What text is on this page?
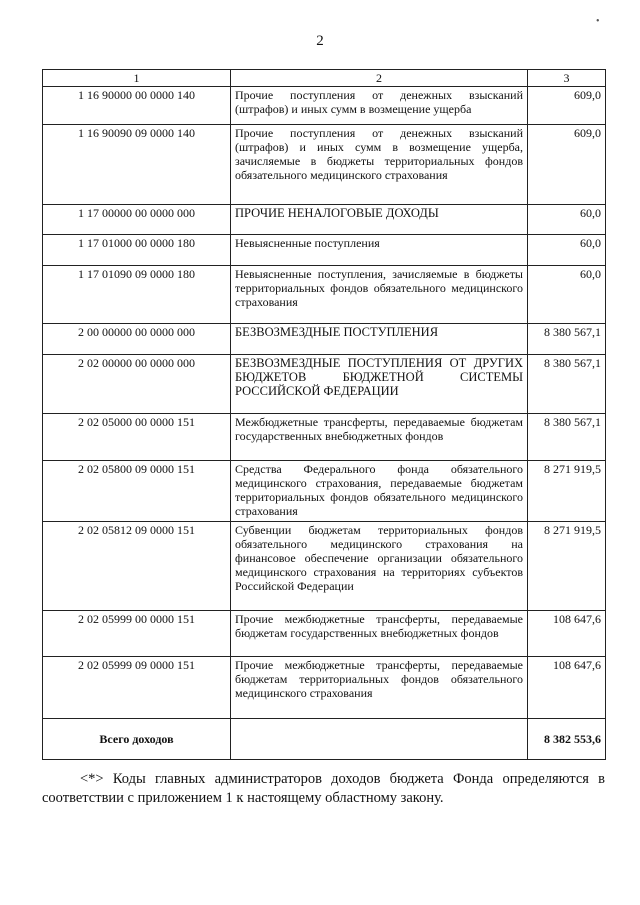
2
1	2	3
1 16 90000 00 0000 140	Прочие поступления от денежных взысканий (штрафов) и иных сумм в возмещение ущерба	609,0
1 16 90090 09 0000 140	Прочие поступления от денежных взысканий (штрафов) и иных сумм в возмещение ущерба, зачисляемые в бюджеты территориальных фондов обязательного медицинского страхования	609,0
1 17 00000 00 0000 000	ПРОЧИЕ НЕНАЛОГОВЫЕ ДОХОДЫ	60,0
1 17 01000 00 0000 180	Невыясненные поступления	60,0
1 17 01090 09 0000 180	Невыясненные поступления, зачисляемые в бюджеты территориальных фондов обязательного медицинского страхования	60,0
2 00 00000 00 0000 000	БЕЗВОЗМЕЗДНЫЕ ПОСТУПЛЕНИЯ	8 380 567,1
2 02 00000 00 0000 000	БЕЗВОЗМЕЗДНЫЕ ПОСТУПЛЕНИЯ ОТ ДРУГИХ БЮДЖЕТОВ БЮДЖЕТНОЙ СИСТЕМЫ РОССИЙСКОЙ ФЕДЕРАЦИИ	8 380 567,1
2 02 05000 00 0000 151	Межбюджетные трансферты, передаваемые бюджетам государственных внебюджетных фондов	8 380 567,1
2 02 05800 09 0000 151	Средства Федерального фонда обязательного медицинского страхования, передаваемые бюджетам территориальных фондов обязательного медицинского страхования	8 271 919,5
2 02 05812 09 0000 151	Субвенции бюджетам территориальных фондов обязательного медицинского страхования на финансовое обеспечение организации обязательного медицинского страхования на территориях субъектов Российской Федерации	8 271 919,5
2 02 05999 00 0000 151	Прочие межбюджетные трансферты, передаваемые бюджетам государственных внебюджетных фондов	108 647,6
2 02 05999 09 0000 151	Прочие межбюджетные трансферты, передаваемые бюджетам территориальных фондов обязательного медицинского страхования	108 647,6
Всего доходов		8 382 553,6
<*> Коды главных администраторов доходов бюджета Фонда определяются в соответствии с приложением 1 к настоящему областному закону.
•
